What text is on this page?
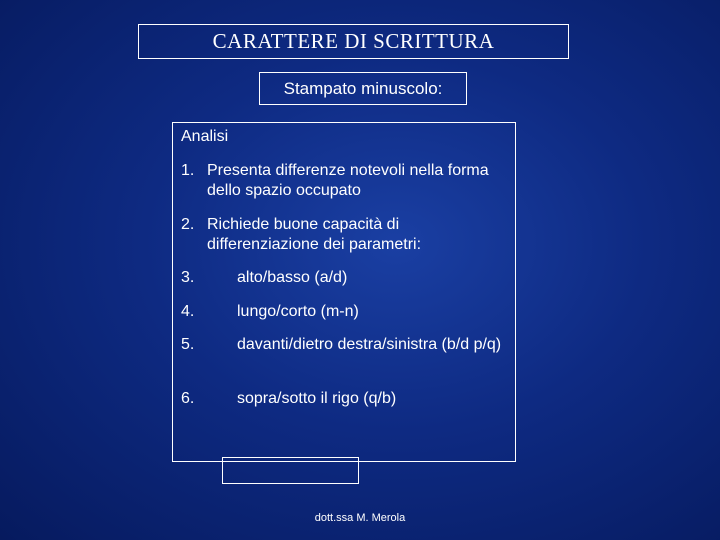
CARATTERE DI SCRITTURA
Stampato minuscolo:
Analisi
1. Presenta differenze notevoli nella forma dello spazio occupato
2. Richiede buone capacità di differenziazione dei parametri:
3.	alto/basso (a/d)
4.	lungo/corto (m-n)
5.	davanti/dietro destra/sinistra (b/d p/q)
6.	sopra/sotto il rigo (q/b)
dott.ssa M. Merola
